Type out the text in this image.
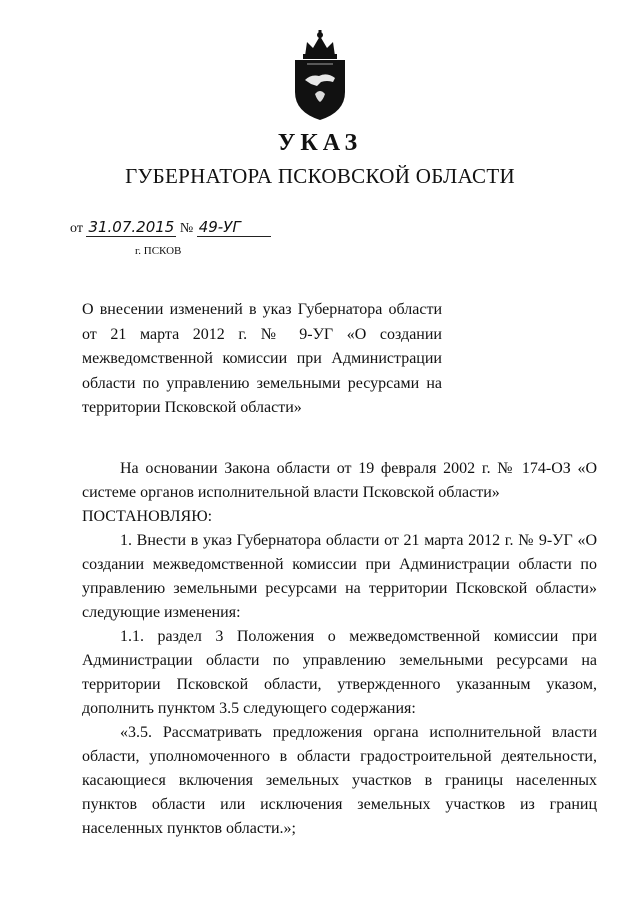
УКАЗ
ГУБЕРНАТОРА ПСКОВСКОЙ ОБЛАСТИ
от 31.07.2015 № 49-УГ
г. ПСКОВ
О внесении изменений в указ Губернатора области от 21 марта 2012 г. № 9-УГ «О создании межведомственной комиссии при Администрации области по управлению земельными ресурсами на территории Псковской области»

На основании Закона области от 19 февраля 2002 г. № 174-ОЗ «О системе органов исполнительной власти Псковской области»

ПОСТАНОВЛЯЮ:

1. Внести в указ Губернатора области от 21 марта 2012 г. № 9-УГ «О создании межведомственной комиссии при Администрации области по управлению земельными ресурсами на территории Псковской области» следующие изменения:

1.1. раздел 3 Положения о межведомственной комиссии при Администрации области по управлению земельными ресурсами на территории Псковской области, утвержденного указанным указом, дополнить пунктом 3.5 следующего содержания:

«3.5. Рассматривать предложения органа исполнительной власти области, уполномоченного в области градостроительной деятельности, касающиеся включения земельных участков в границы населенных пунктов области или исключения земельных участков из границ населенных пунктов области.»;
